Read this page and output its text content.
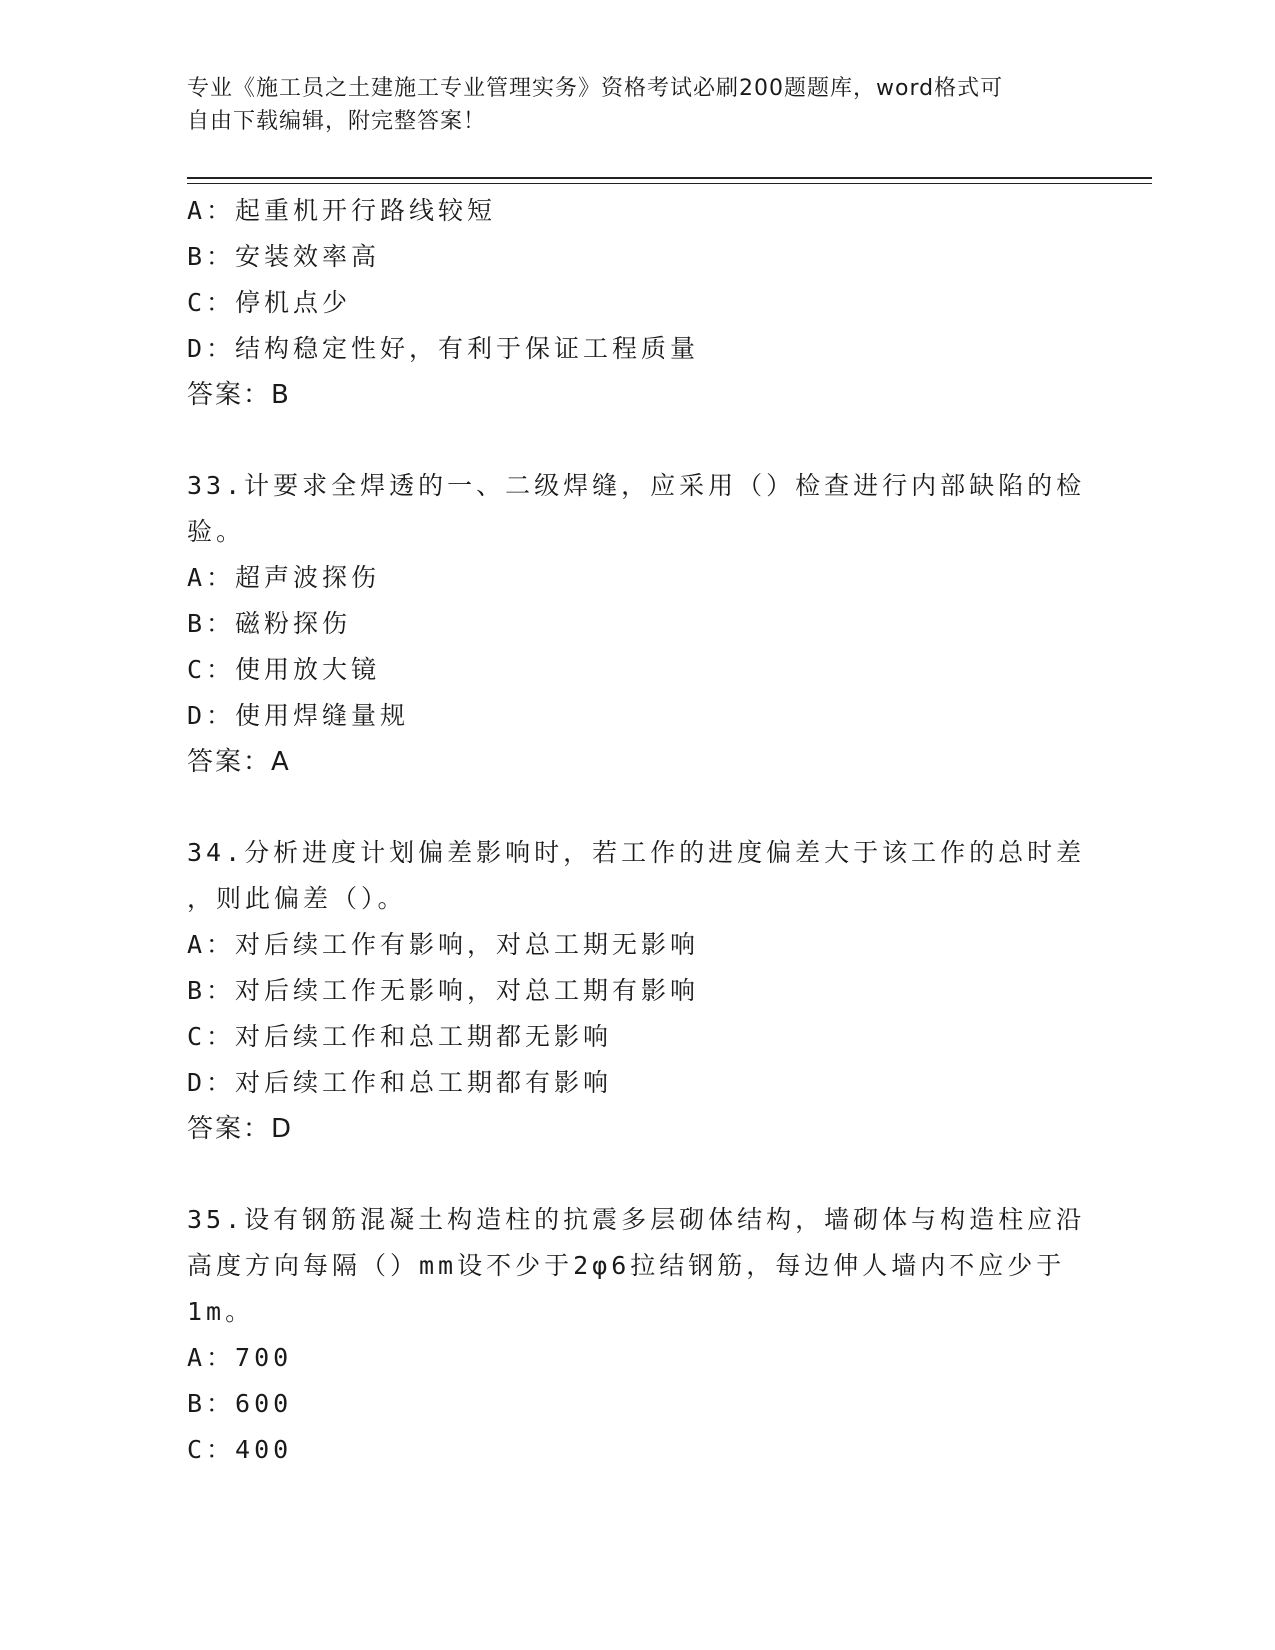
专业《施工员之土建施工专业管理实务》资格考试必刷200题题库，word格式可
自由下载编辑，附完整答案！
A：起重机开行路线较短
B：安装效率高
C：停机点少
D：结构稳定性好，有利于保证工程质量
答案：B
33.计要求全焊透的一、二级焊缝，应采用（）检查进行内部缺陷的检
验。
A：超声波探伤
B：磁粉探伤
C：使用放大镜
D：使用焊缝量规
答案：A
34.分析进度计划偏差影响时，若工作的进度偏差大于该工作的总时差
，则此偏差（）。
A：对后续工作有影响，对总工期无影响
B：对后续工作无影响，对总工期有影响
C：对后续工作和总工期都无影响
D：对后续工作和总工期都有影响
答案：D
35.设有钢筋混凝土构造柱的抗震多层砌体结构，墙砌体与构造柱应沿
高度方向每隔（）mm设不少于2φ6拉结钢筋，每边伸人墙内不应少于
1m。
A：700
B：600
C：400
